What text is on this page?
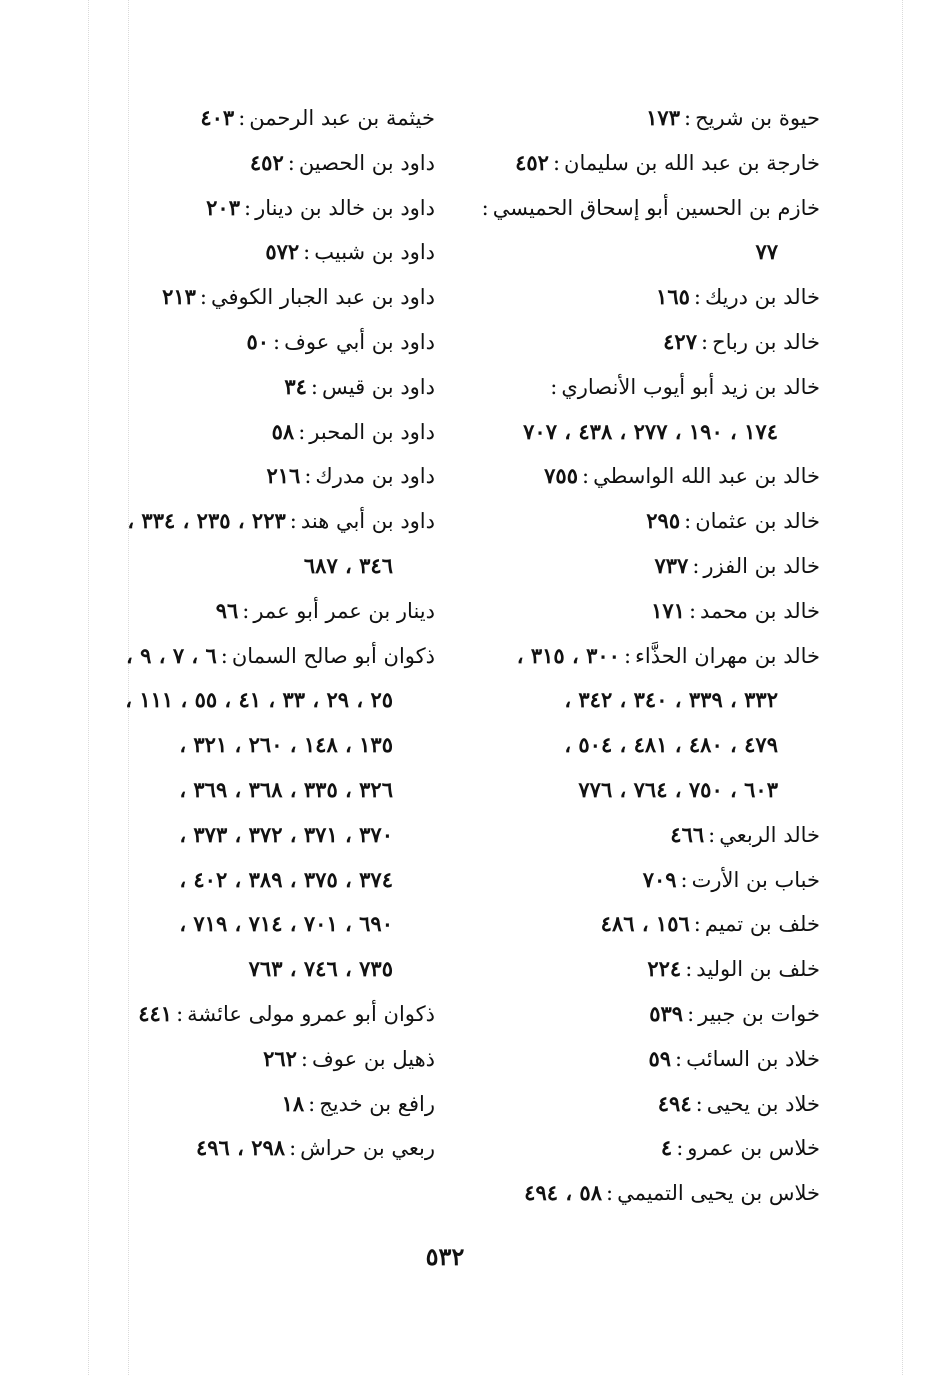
حيوة بن شريح:١٧٣
خارجة بن عبد الله بن سليمان:٤٥٢
خازم بن الحسين أبو إسحاق الحميسي:
٧٧
خالد بن دريك:١٦٥
خالد بن رباح:٤٢٧
خالد بن زيد أبو أيوب الأنصاري:
١٧٤ ، ١٩٠ ، ٢٧٧ ، ٤٣٨ ، ٧٠٧
خالد بن عبد الله الواسطي:٧٥٥
خالد بن عثمان:٢٩٥
خالد بن الفزر:٧٣٧
خالد بن محمد:١٧١
خالد بن مهران الحذَّاء:٣٠٠ ، ٣١٥ ،
٣٣٢ ، ٣٣٩ ، ٣٤٠ ، ٣٤٢ ،
٤٧٩ ، ٤٨٠ ، ٤٨١ ، ٥٠٤ ،
٦٠٣ ، ٧٥٠ ، ٧٦٤ ، ٧٧٦
خالد الربعي:٤٦٦
خباب بن الأرت:٧٠٩
خلف بن تميم:١٥٦ ، ٤٨٦
خلف بن الوليد:٢٢٤
خوات بن جبير:٥٣٩
خلاد بن السائب:٥٩
خلاد بن يحيى:٤٩٤
خلاس بن عمرو:٤
خلاس بن يحيى التميمي:٥٨ ، ٤٩٤
خيثمة بن عبد الرحمن:٤٠٣
داود بن الحصين:٤٥٢
داود بن خالد بن دينار:٢٠٣
داود بن شبيب:٥٧٢
داود بن عبد الجبار الكوفي:٢١٣
داود بن أبي عوف:٥٠
داود بن قيس:٣٤
داود بن المحبر:٥٨
داود بن مدرك:٢١٦
داود بن أبي هند:٢٢٣ ، ٢٣٥ ، ٣٣٤ ،
٣٤٦ ، ٦٨٧
دينار بن عمر أبو عمر:٩٦
ذكوان أبو صالح السمان:٦ ، ٧ ، ٩ ،
٢٥ ، ٢٩ ، ٣٣ ، ٤١ ، ٥٥ ، ١١١ ،
١٣٥ ، ١٤٨ ، ٢٦٠ ، ٣٢١ ،
٣٢٦ ، ٣٣٥ ، ٣٦٨ ، ٣٦٩ ،
٣٧٠ ، ٣٧١ ، ٣٧٢ ، ٣٧٣ ،
٣٧٤ ، ٣٧٥ ، ٣٨٩ ، ٤٠٢ ،
٦٩٠ ، ٧٠١ ، ٧١٤ ، ٧١٩ ،
٧٣٥ ، ٧٤٦ ، ٧٦٣
ذكوان أبو عمرو مولى عائشة:٤٤١
ذهيل بن عوف:٢٦٢
رافع بن خديج:١٨
ربعي بن حراش:٢٩٨ ، ٤٩٦
٥٣٢
